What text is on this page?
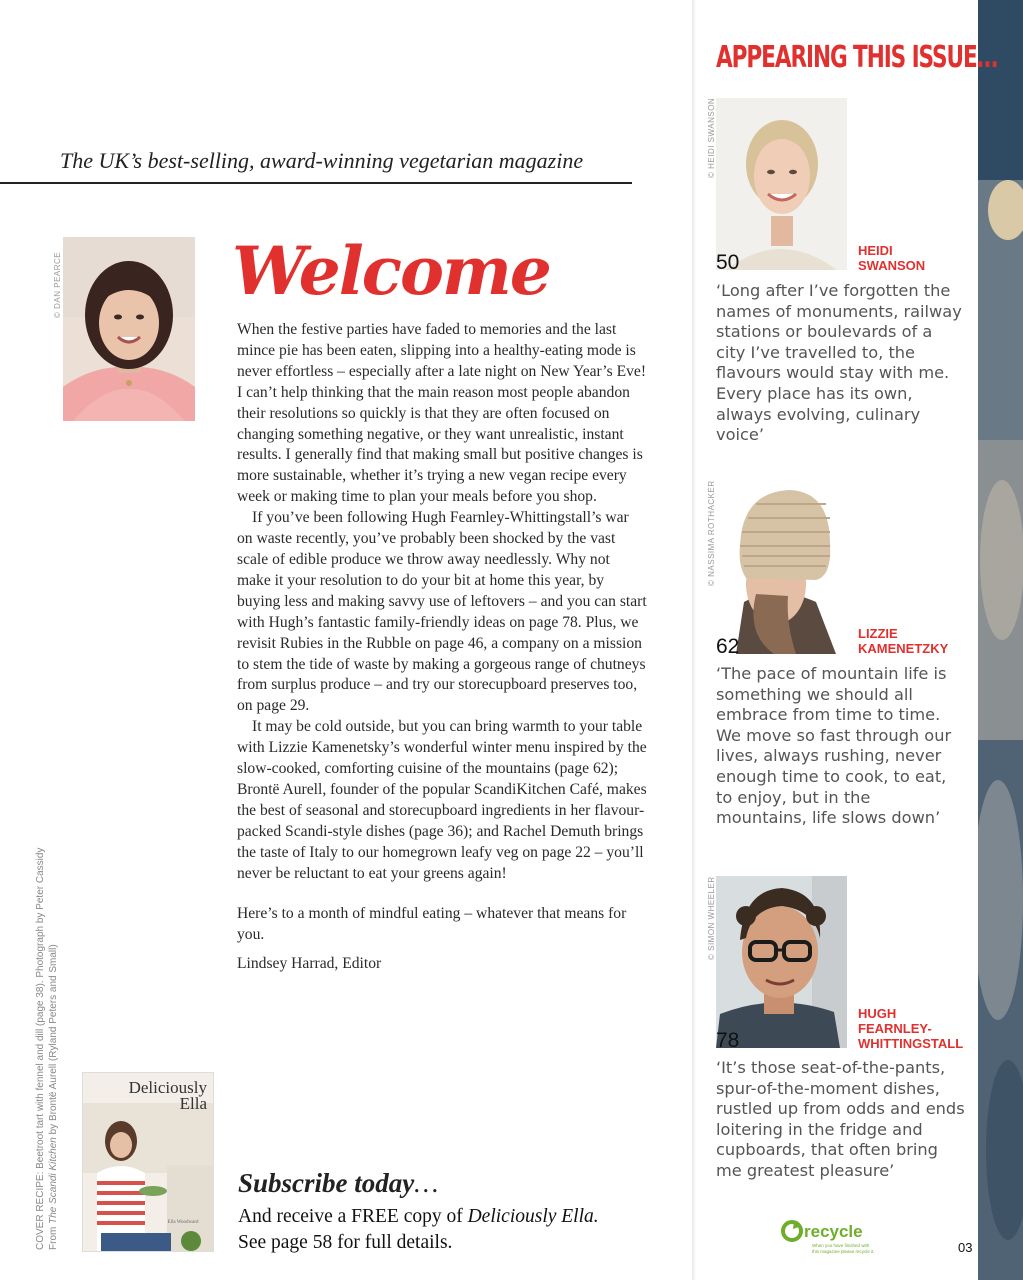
The UK’s best-selling, award-winning vegetarian magazine
© DAN PEARCE	Welcome

When the festive parties have faded to memories and the last mince pie has been eaten, slipping into a healthy-eating mode is never effortless – especially after a late night on New Year’s Eve! I can’t help thinking that the main reason most people abandon their resolutions so quickly is that they are often focused on changing something negative, or they want unrealistic, instant results. I generally find that making small but positive changes is more sustainable, whether it’s trying a new vegan recipe every week or making time to plan your meals before you shop.

If you’ve been following Hugh Fearnley-Whittingstall’s war on waste recently, you’ve probably been shocked by the vast scale of edible produce we throw away needlessly. Why not make it your resolution to do your bit at home this year, by buying less and making savvy use of leftovers – and you can start with Hugh’s fantastic family-friendly ideas on page 78. Plus, we revisit Rubies in the Rubble on page 46, a company on a mission to stem the tide of waste by making a gorgeous range of chutneys from surplus produce – and try our storecupboard preserves too, on page 29.

It may be cold outside, but you can bring warmth to your table with Lizzie Kamenetsky’s wonderful winter menu inspired by the slow-cooked, comforting cuisine of the mountains (page 62); Brontë Aurell, founder of the popular ScandiKitchen Café, makes the best of seasonal and storecupboard ingredients in her flavour-packed Scandi-style dishes (page 36); and Rachel Demuth brings the taste of Italy to our homegrown leafy veg on page 22 – you’ll never be reluctant to eat your greens again!

Here’s to a month of mindful eating – whatever that means for you.

Lindsey Harrad, Editor

COVER RECIPE: Beetroot tart with fennel and dill (page 38). Photograph by Peter Cassidy From The Scandi Kitchen by Brontë Aurell (Ryland Peters and Small)
Ella Woodward
Deliciously
Ella
Subscribe today…
And receive a FREE copy of Deliciously Ella.
See page 58 for full details.
APPEARING THIS ISSUE…
© HEIDI SWANSON
50
HEIDI
SWANSON
‘Long after I’ve forgotten the names of monuments, railway stations or boulevards of a city I’ve travelled to, the flavours would stay with me. Every place has its own, always evolving, culinary voice’
© NASSIMA ROTHACKER
62
LIZZIE
KAMENETZKY
‘The pace of mountain life is something we should all embrace from time to time. We move so fast through our lives, always rushing, never enough time to cook, to eat, to enjoy, but in the mountains, life slows down’
© SIMON WHEELER
78
HUGH
FEARNLEY-
WHITTINGSTALL
‘It’s those seat-of-the-pants, spur-of-the-moment dishes, rustled up from odds and ends loitering in the fridge and cupboards, that often bring me greatest pleasure’
recycle
When you have finished with
this magazine please recycle it.	03
